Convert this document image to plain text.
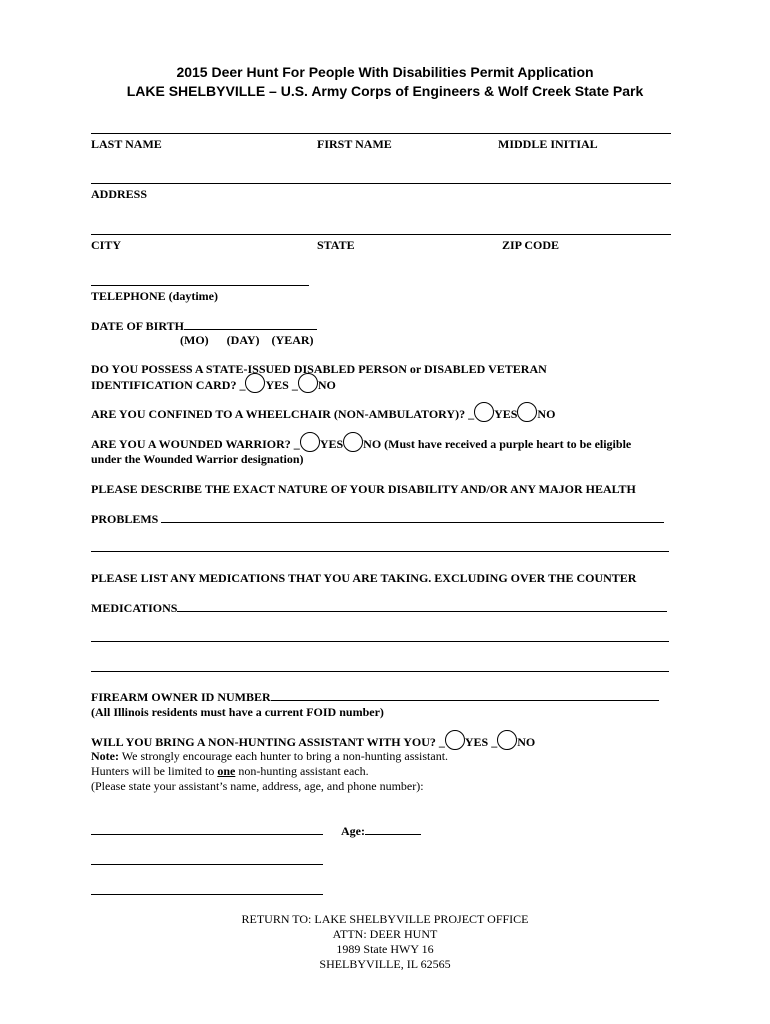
2015 Deer Hunt For People With Disabilities Permit Application
LAKE SHELBYVILLE – U.S. Army Corps of Engineers & Wolf Creek State Park
LAST NAME	FIRST NAME	MIDDLE INITIAL
ADDRESS
CITY	STATE	ZIP CODE
TELEPHONE (daytime)
DATE OF BIRTH
(MO)      (DAY)    (YEAR)
DO YOU POSSESS A STATE-ISSUED DISABLED PERSON or DISABLED VETERAN
IDENTIFICATION CARD? _ YES _ NO
ARE YOU CONFINED TO A WHEELCHAIR (NON-AMBULATORY)? _ YES NO
ARE YOU A WOUNDED WARRIOR? _ YES NO (Must have received a purple heart to be eligible
under the Wounded Warrior designation)
PLEASE DESCRIBE THE EXACT NATURE OF YOUR DISABILITY AND/OR ANY MAJOR HEALTH
PROBLEMS
PLEASE LIST ANY MEDICATIONS THAT YOU ARE TAKING. EXCLUDING OVER THE COUNTER
MEDICATIONS
FIREARM OWNER ID NUMBER
(All Illinois residents must have a current FOID number)
WILL YOU BRING A NON-HUNTING ASSISTANT WITH YOU? _ YES _ NO
Note: We strongly encourage each hunter to bring a non-hunting assistant.
Hunters will be limited to one non-hunting assistant each.
(Please state your assistant’s name, address, age, and phone number):
Age:
RETURN TO: LAKE SHELBYVILLE PROJECT OFFICE
ATTN: DEER HUNT
1989 State HWY 16
SHELBYVILLE, IL 62565
